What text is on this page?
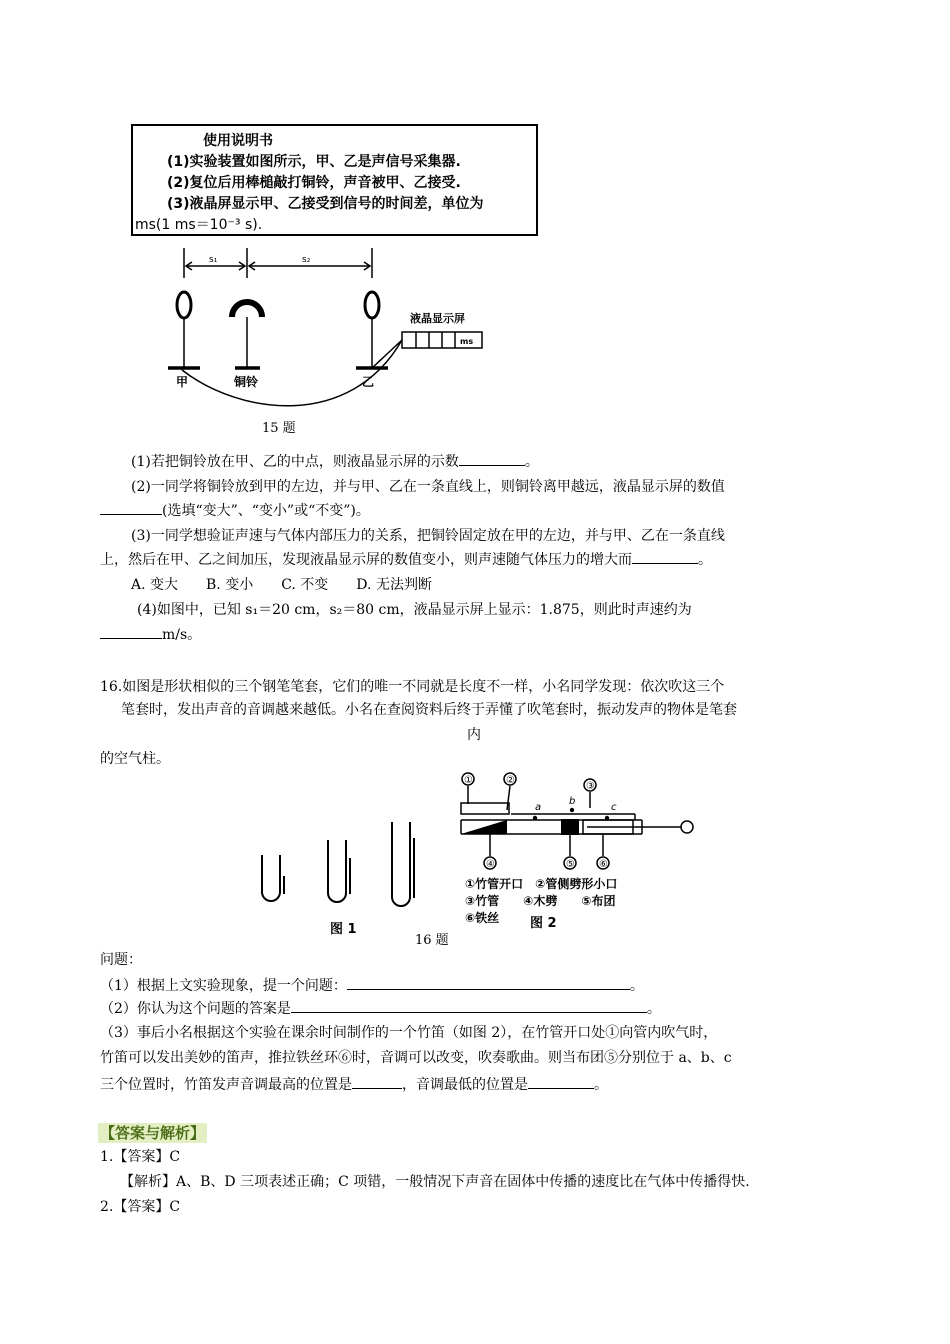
使用说明书
(1)实验装置如图所示，甲、乙是声信号采集器.
(2)复位后用棒槌敲打铜铃，声音被甲、乙接受.
(3)液晶屏显示甲、乙接受到信号的时间差，单位为
ms(1 ms＝10⁻³ s).
s₁	s₂
液晶显示屏
ms
甲	铜铃	乙
15 题
(1)若把铜铃放在甲、乙的中点，则液晶显示屏的示数	。
(2)一同学将铜铃放到甲的左边，并与甲、乙在一条直线上，则铜铃离甲越远，液晶显示屏的数值
(选填“变大”、“变小”或“不变”)。
(3)一同学想验证声速与气体内部压力的关系，把铜铃固定放在甲的左边，并与甲、乙在一条直线
上，然后在甲、乙之间加压，发现液晶显示屏的数值变小，则声速随气体压力的增大而	。
A. 变大　　B. 变小　　C. 不变　　D. 无法判断
(4)如图中，已知 s₁＝20 cm，s₂＝80 cm，液晶显示屏上显示：1.875，则此时声速约为
m/s。
16.如图是形状相似的三个钢笔笔套，它们的唯一不同就是长度不一样，小名同学发现：依次吹这三个
笔套时，发出声音的音调越来越低。小名在查阅资料后终于弄懂了吹笔套时，振动发声的物体是笔套
内
的空气柱。
图 1
16 题
①	②
③
④	⑤ ⑥
a
b
c
①竹管开口　②管侧劈形小口
③竹管　　④木劈　　⑤布团
⑥铁丝 图 2
问题：
（1）根据上文实验现象，提一个问题：	。
（2）你认为这个问题的答案是	。
（3）事后小名根据这个实验在课余时间制作的一个竹笛（如图 2），在竹管开口处①向管内吹气时，
竹笛可以发出美妙的笛声，推拉铁丝环⑥时，音调可以改变，吹奏歌曲。则当布团⑤分别位于 a、b、c
三个位置时，竹笛发声音调最高的位置是	，音调最低的位置是	。
【答案与解析】
1.【答案】C
【解析】A、B、D 三项表述正确；C 项错，一般情况下声音在固体中传播的速度比在气体中传播得快.
2.【答案】C
